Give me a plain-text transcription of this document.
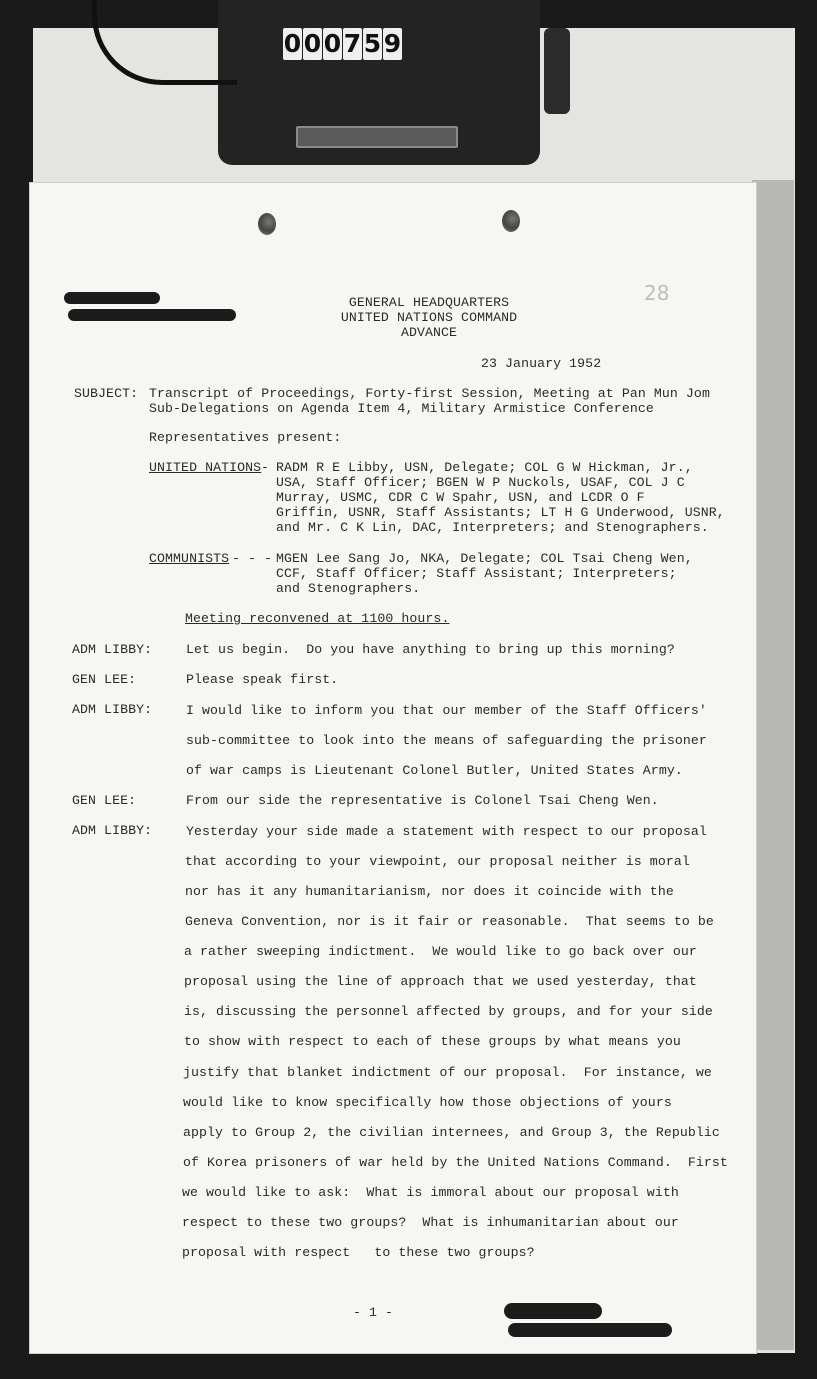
0 0 0 7 5 9
28
GENERAL HEADQUARTERS
UNITED NATIONS COMMAND
ADVANCE
23 January 1952
SUBJECT: Transcript of Proceedings, Forty-first Session, Meeting at Pan Mun Jom
Sub-Delegations on Agenda Item 4, Military Armistice Conference
Representatives present:
UNITED NATIONS - RADM R E Libby, USN, Delegate; COL G W Hickman, Jr.,
USA, Staff Officer; BGEN W P Nuckols, USAF, COL J C
Murray, USMC, CDR C W Spahr, USN, and LCDR O F
Griffin, USNR, Staff Assistants; LT H G Underwood, USNR,
and Mr. C K Lin, DAC, Interpreters; and Stenographers.
COMMUNISTS - - - MGEN Lee Sang Jo, NKA, Delegate; COL Tsai Cheng Wen,
CCF, Staff Officer; Staff Assistant; Interpreters;
and Stenographers.
Meeting reconvened at 1100 hours.
ADM LIBBY:	Let us begin.  Do you have anything to bring up this morning?
GEN LEE:	Please speak first.
ADM LIBBY:	I would like to inform you that our member of the Staff Officers'
sub-committee to look into the means of safeguarding the prisoner
of war camps is Lieutenant Colonel Butler, United States Army.
GEN LEE:	From our side the representative is Colonel Tsai Cheng Wen.
ADM LIBBY:	Yesterday your side made a statement with respect to our proposal
that according to your viewpoint, our proposal neither is moral
nor has it any humanitarianism, nor does it coincide with the
Geneva Convention, nor is it fair or reasonable.  That seems to be
a rather sweeping indictment.  We would like to go back over our
proposal using the line of approach that we used yesterday, that
is, discussing the personnel affected by groups, and for your side
to show with respect to each of these groups by what means you
justify that blanket indictment of our proposal.  For instance, we
would like to know specifically how those objections of yours
apply to Group 2, the civilian internees, and Group 3, the Republic
of Korea prisoners of war held by the United Nations Command.  First
we would like to ask:  What is immoral about our proposal with
respect to these two groups?  What is inhumanitarian about our
proposal with respect   to these two groups?
- 1 -
